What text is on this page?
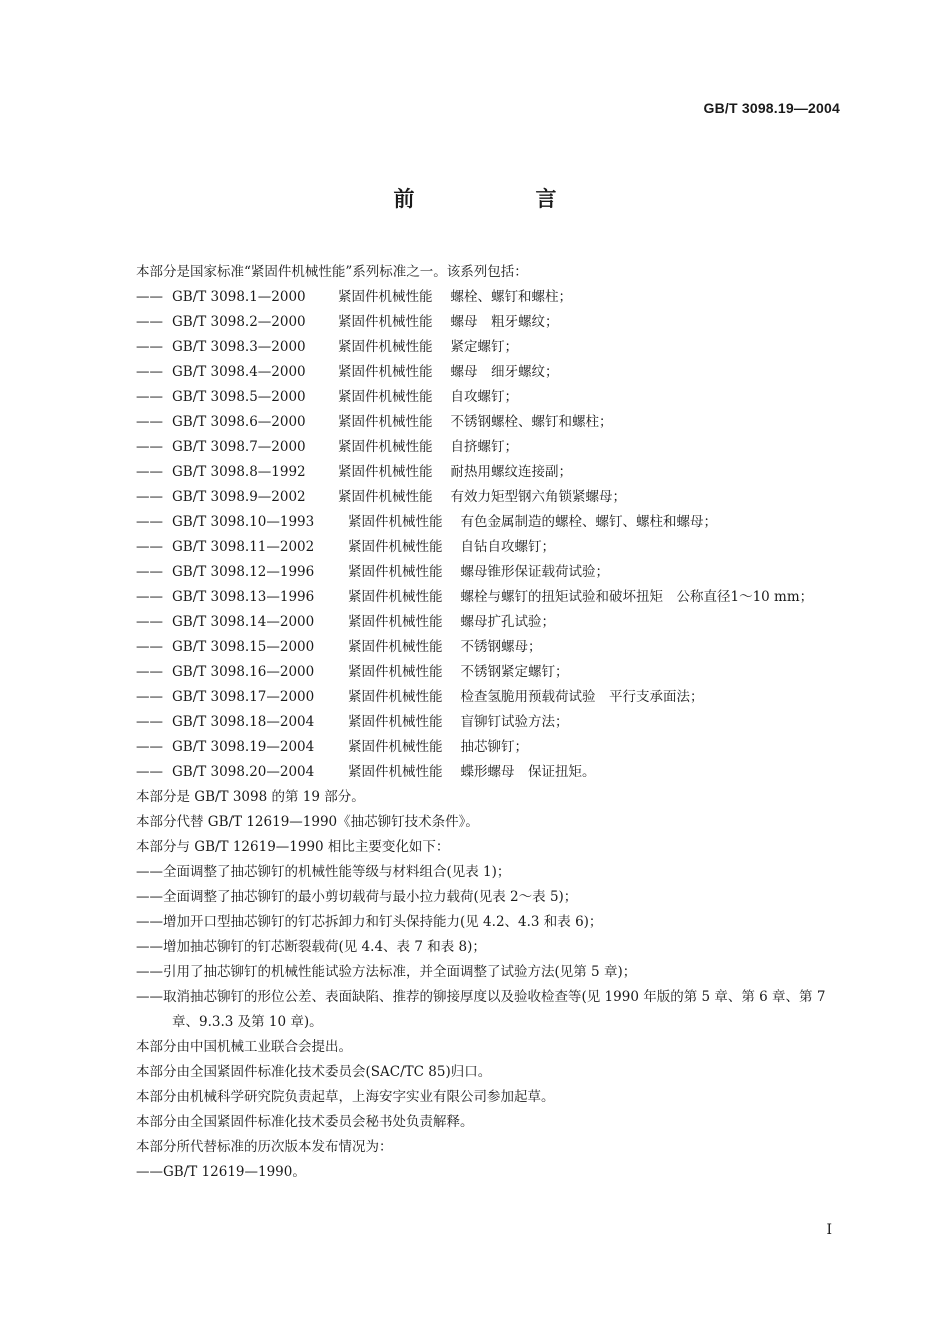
GB/T 3098.19—2004
前　言
本部分是国家标准“紧固件机械性能”系列标准之一。该系列包括：
—— GB/T 3098.1—2000	紧固件机械性能 螺栓、螺钉和螺柱；
—— GB/T 3098.2—2000	紧固件机械性能 螺母　粗牙螺纹；
—— GB/T 3098.3—2000	紧固件机械性能 紧定螺钉；
—— GB/T 3098.4—2000	紧固件机械性能 螺母　细牙螺纹；
—— GB/T 3098.5—2000	紧固件机械性能 自攻螺钉；
—— GB/T 3098.6—2000	紧固件机械性能 不锈钢螺栓、螺钉和螺柱；
—— GB/T 3098.7—2000	紧固件机械性能 自挤螺钉；
—— GB/T 3098.8—1992	紧固件机械性能 耐热用螺纹连接副；
—— GB/T 3098.9—2002	紧固件机械性能 有效力矩型钢六角锁紧螺母；
—— GB/T 3098.10—1993	紧固件机械性能 有色金属制造的螺栓、螺钉、螺柱和螺母；
—— GB/T 3098.11—2002	紧固件机械性能 自钻自攻螺钉；
—— GB/T 3098.12—1996	紧固件机械性能 螺母锥形保证载荷试验；
—— GB/T 3098.13—1996	紧固件机械性能 螺栓与螺钉的扭矩试验和破坏扭矩　公称直径1～10 mm；
—— GB/T 3098.14—2000	紧固件机械性能 螺母扩孔试验；
—— GB/T 3098.15—2000	紧固件机械性能 不锈钢螺母；
—— GB/T 3098.16—2000	紧固件机械性能 不锈钢紧定螺钉；
—— GB/T 3098.17—2000	紧固件机械性能 检查氢脆用预载荷试验　平行支承面法；
—— GB/T 3098.18—2004	紧固件机械性能 盲铆钉试验方法；
—— GB/T 3098.19—2004	紧固件机械性能 抽芯铆钉；
—— GB/T 3098.20—2004	紧固件机械性能 蝶形螺母　保证扭矩。
本部分是 GB/T 3098 的第 19 部分。
本部分代替 GB/T 12619—1990《抽芯铆钉技术条件》。
本部分与 GB/T 12619—1990 相比主要变化如下：
——全面调整了抽芯铆钉的机械性能等级与材料组合(见表 1)；
——全面调整了抽芯铆钉的最小剪切载荷与最小拉力载荷(见表 2～表 5)；
——增加开口型抽芯铆钉的钉芯拆卸力和钉头保持能力(见 4.2、4.3 和表 6)；
——增加抽芯铆钉的钉芯断裂载荷(见 4.4、表 7 和表 8)；
——引用了抽芯铆钉的机械性能试验方法标准，并全面调整了试验方法(见第 5 章)；
——取消抽芯铆钉的形位公差、表面缺陷、推荐的铆接厚度以及验收检查等(见 1990 年版的第 5 章、第 6 章、第 7 章、9.3.3 及第 10 章)。
本部分由中国机械工业联合会提出。
本部分由全国紧固件标准化技术委员会(SAC/TC 85)归口。
本部分由机械科学研究院负责起草，上海安字实业有限公司参加起草。
本部分由全国紧固件标准化技术委员会秘书处负责解释。
本部分所代替标准的历次版本发布情况为：
——GB/T 12619—1990。
I
